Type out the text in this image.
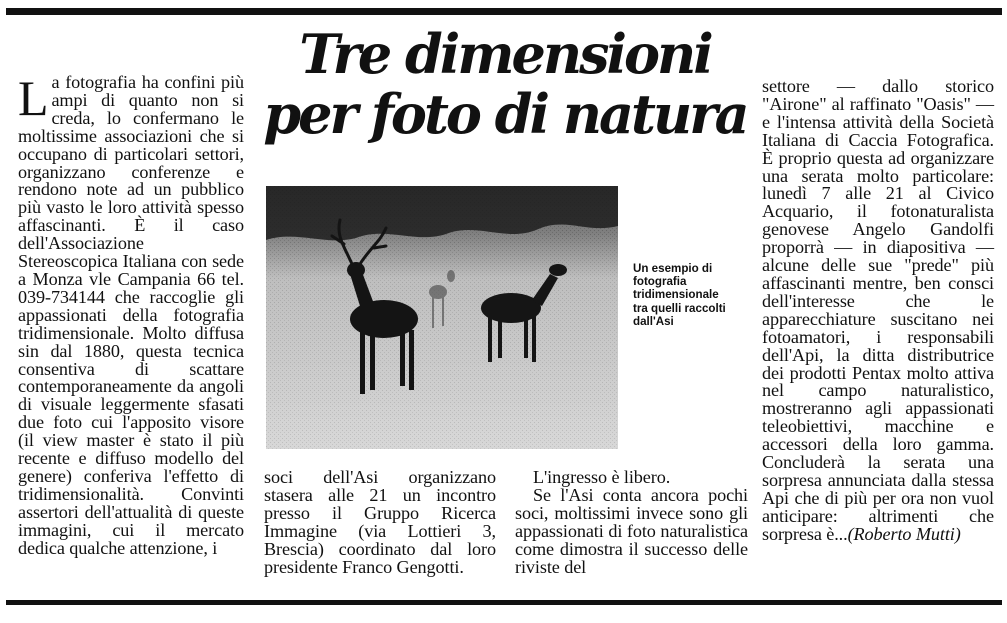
Tre dimensioni
per foto di natura

La fotografia ha confini più ampi di quanto non si creda, lo confermano le moltissime associazioni che si occupano di particolari settori, organizzano conferenze e rendono note ad un pubblico più vasto le loro attività spesso affascinanti. È il caso dell'Associazione Stereoscopica Italiana con sede a Monza vle Campania 66 tel. 039-734144 che raccoglie gli appassionati della fotografia tridimensionale. Molto diffusa sin dal 1880, questa tecnica consentiva di scattare contemporaneamente da angoli di visuale leggermente sfasati due foto cui l'apposito visore (il view master è stato il più recente e diffuso modello del genere) conferiva l'effetto di tridimensionalità. Convinti assertori dell'attualità di queste immagini, cui il mercato dedica qualche attenzione, i

Un esempio di
fotografia
tridimensionale
tra quelli raccolti
dall'Asi

soci dell'Asi organizzano stasera alle 21 un incontro presso il Gruppo Ricerca Immagine (via Lottieri 3, Brescia) coordinato dal loro presidente Franco Gengotti.

L'ingresso è libero.

Se l'Asi conta ancora pochi soci, moltissimi invece sono gli appassionati di foto naturalistica come dimostra il successo delle riviste del

settore — dallo storico "Airone" al raffinato "Oasis" — e l'intensa attività della Società Italiana di Caccia Fotografica. È proprio questa ad organizzare una serata molto particolare: lunedì 7 alle 21 al Civico Acquario, il fotonaturalista genovese Angelo Gandolfi proporrà — in diapositiva — alcune delle sue "prede" più affascinanti mentre, ben consci dell'interesse che le apparecchiature suscitano nei fotoamatori, i responsabili dell'Api, la ditta distributrice dei prodotti Pentax molto attiva nel campo naturalistico, mostreranno agli appassionati teleobiettivi, macchine e accessori della loro gamma. Concluderà la serata una sorpresa annunciata dalla stessa Api che di più per ora non vuol anticipare: altrimenti che sorpresa è...(Roberto Mutti)
